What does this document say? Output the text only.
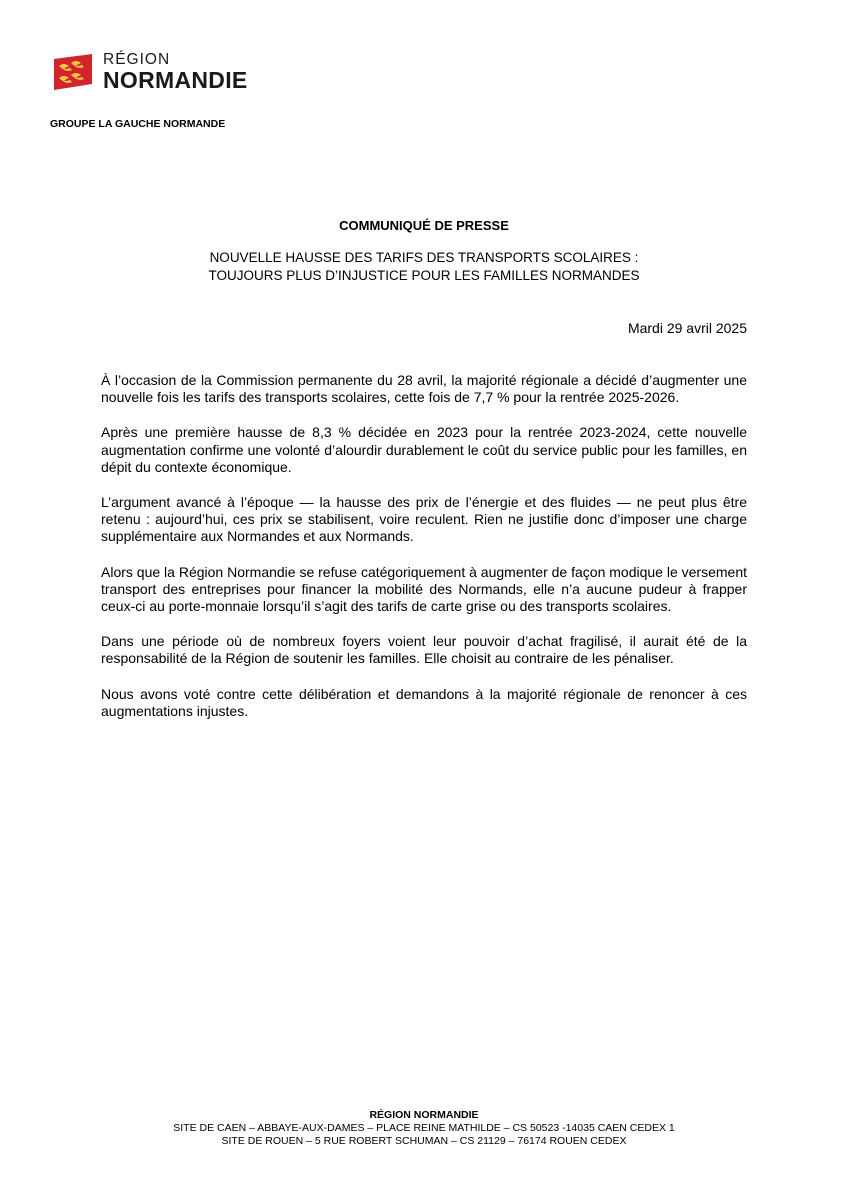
RÉGION
NORMANDIE
GROUPE LA GAUCHE NORMANDE
COMMUNIQUÉ DE PRESSE
NOUVELLE HAUSSE DES TARIFS DES TRANSPORTS SCOLAIRES :
TOUJOURS PLUS D’INJUSTICE POUR LES FAMILLES NORMANDES
Mardi 29 avril 2025

À l’occasion de la Commission permanente du 28 avril, la majorité régionale a décidé d’augmenter une nouvelle fois les tarifs des transports scolaires, cette fois de 7,7 % pour la rentrée 2025-2026.

Après une première hausse de 8,3 % décidée en 2023 pour la rentrée 2023-2024, cette nouvelle augmentation confirme une volonté d’alourdir durablement le coût du service public pour les familles, en dépit du contexte économique.

L’argument avancé à l’époque — la hausse des prix de l’énergie et des fluides — ne peut plus être retenu : aujourd’hui, ces prix se stabilisent, voire reculent. Rien ne justifie donc d’imposer une charge supplémentaire aux Normandes et aux Normands.

Alors que la Région Normandie se refuse catégoriquement à augmenter de façon modique le versement transport des entreprises pour financer la mobilité des Normands, elle n’a aucune pudeur à frapper ceux-ci au porte-monnaie lorsqu’il s’agit des tarifs de carte grise ou des transports scolaires.

Dans une période où de nombreux foyers voient leur pouvoir d’achat fragilisé, il aurait été de la responsabilité de la Région de soutenir les familles. Elle choisit au contraire de les pénaliser.

Nous avons voté contre cette délibération et demandons à la majorité régionale de renoncer à ces augmentations injustes.

RÉGION NORMANDIE
SITE DE CAEN – ABBAYE-AUX-DAMES – PLACE REINE MATHILDE – CS 50523 -14035 CAEN CEDEX 1
SITE DE ROUEN – 5 RUE ROBERT SCHUMAN – CS 21129 – 76174 ROUEN CEDEX
